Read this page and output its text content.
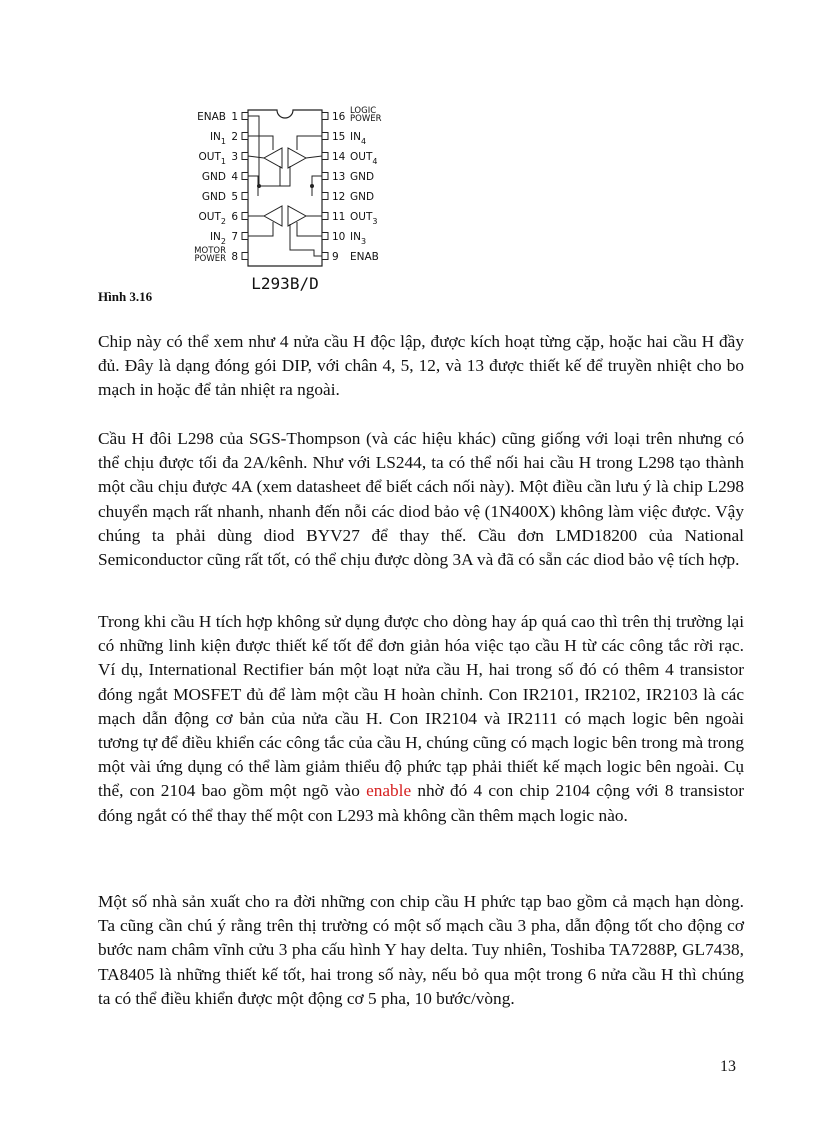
1
ENAB
2
$IN_1$
3
$OUT_1$
4
GND
5
GND
6
$OUT_2$
7
$IN_2$
8
MOTOR
POWER
16 LOGIC
POWER
15 $IN_4$
14 $OUT_4$
13 GND
12 GND
11 $OUT_3$
10 $IN_3$
9 ENAB
L293B/D
Hình 3.16

Chip này có thể xem như 4 nửa cầu H độc lập, được kích hoạt từng cặp, hoặc hai cầu H đầy đủ. Đây là dạng đóng gói DIP, với chân 4, 5, 12, và 13 được thiết kế để truyền nhiệt cho bo mạch in hoặc để tản nhiệt ra ngoài.

Cầu H đôi L298 của SGS-Thompson (và các hiệu khác) cũng giống với loại trên nhưng có thể chịu được tối đa 2A/kênh. Như với LS244, ta có thể nối hai cầu H trong L298 tạo thành một cầu chịu được 4A (xem datasheet để biết cách nối này). Một điều cần lưu ý là chip L298 chuyển mạch rất nhanh, nhanh đến nỗi các diod bảo vệ (1N400X) không làm việc được. Vậy chúng ta phải dùng diod BYV27 để thay thế. Cầu đơn LMD18200 của National Semiconductor cũng rất tốt, có thể chịu được dòng 3A và đã có sẵn các diod bảo vệ tích hợp.

Trong khi cầu H tích hợp không sử dụng được cho dòng hay áp quá cao thì trên thị trường lại có những linh kiện được thiết kế tốt để đơn giản hóa việc tạo cầu H từ các công tắc rời rạc. Ví dụ, International Rectifier bán một loạt nửa cầu H, hai trong số đó có thêm 4 transistor đóng ngắt MOSFET đủ để làm một cầu H hoàn chỉnh. Con IR2101, IR2102, IR2103 là các mạch dẫn động cơ bản của nửa cầu H. Con IR2104 và IR2111 có mạch logic bên ngoài tương tự để điều khiển các công tắc của cầu H, chúng cũng có mạch logic bên trong mà trong một vài ứng dụng có thể làm giảm thiểu độ phức tạp phải thiết kế mạch logic bên ngoài. Cụ thể, con 2104 bao gồm một ngõ vào enable nhờ đó 4 con chip 2104 cộng với 8 transistor đóng ngắt có thể thay thế một con L293 mà không cần thêm mạch logic nào.

Một số nhà sản xuất cho ra đời những con chip cầu H phức tạp bao gồm cả mạch hạn dòng. Ta cũng cần chú ý rằng trên thị trường có một số mạch cầu 3 pha, dẫn động tốt cho động cơ bước nam châm vĩnh cửu 3 pha cấu hình Y hay delta. Tuy nhiên, Toshiba TA7288P, GL7438, TA8405 là những thiết kế tốt, hai trong số này, nếu bỏ qua một trong 6 nửa cầu H thì chúng ta có thể điều khiển được một động cơ 5 pha, 10 bước/vòng.

13
